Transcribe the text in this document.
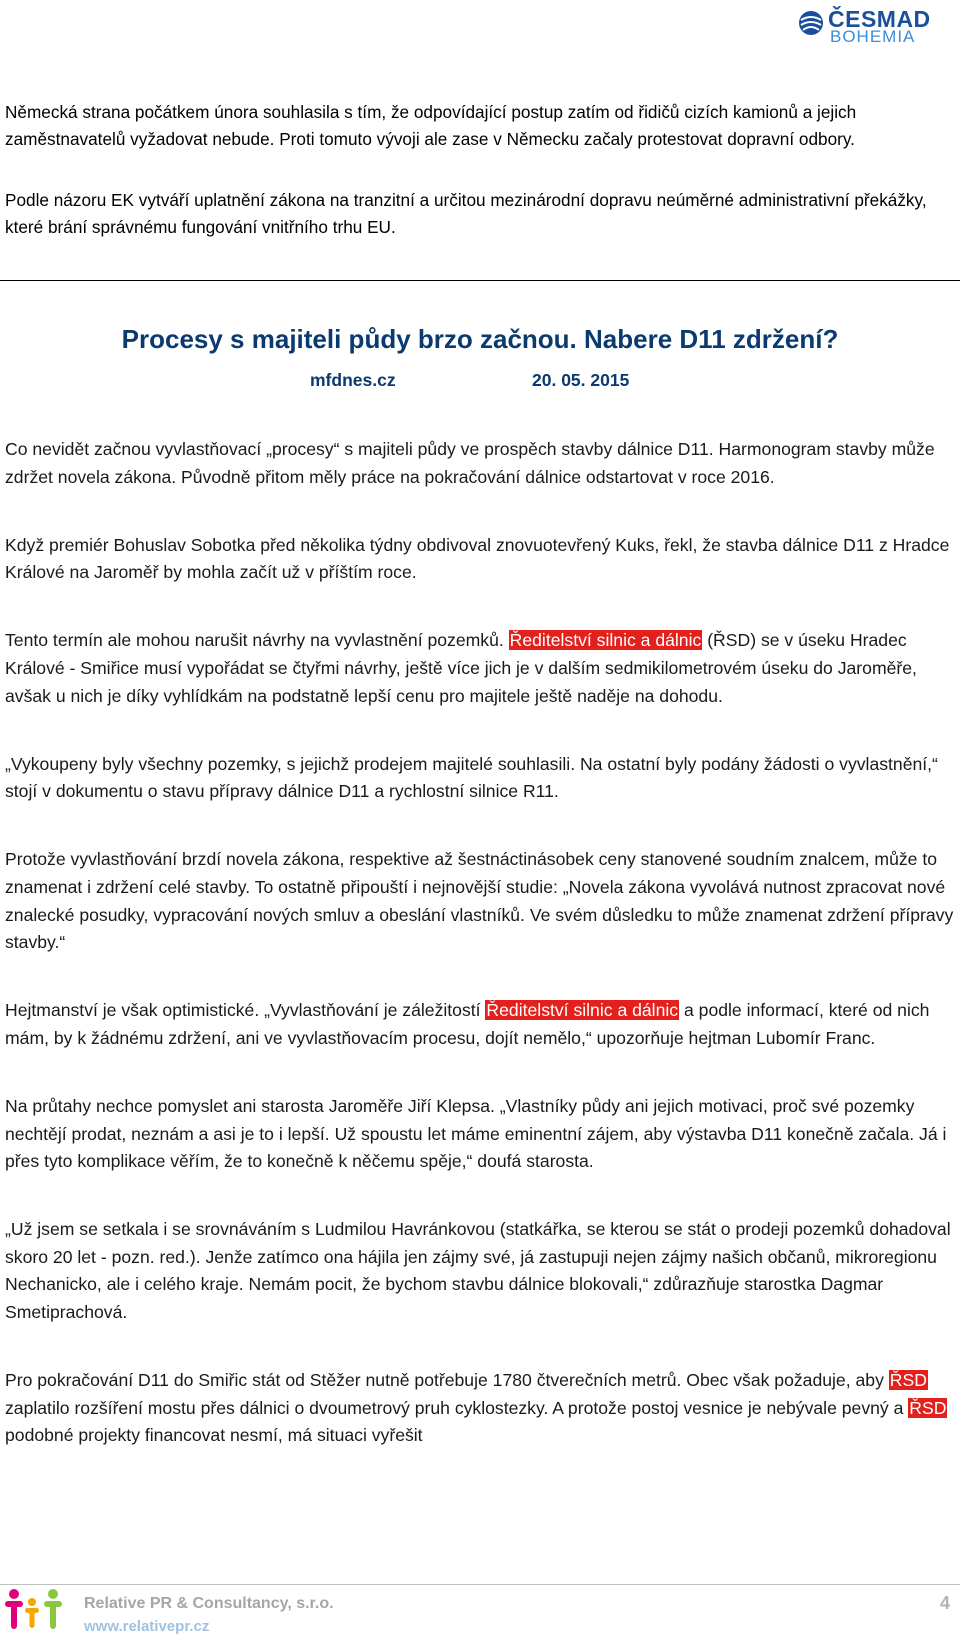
ČESMAD
BOHEMIA

Německá strana počátkem února souhlasila s tím, že odpovídající postup zatím od řidičů cizích kamionů a jejich zaměstnavatelů vyžadovat nebude. Proti tomuto vývoji ale zase v Německu začaly protestovat dopravní odbory.

Podle názoru EK vytváří uplatnění zákona na tranzitní a určitou mezinárodní dopravu neúměrné administrativní překážky, které brání správnému fungování vnitřního trhu EU.

Procesy s majiteli půdy brzo začnou. Nabere D11 zdržení?
mfdnes.cz	20. 05. 2015

Co nevidět začnou vyvlastňovací „procesy“ s majiteli půdy ve prospěch stavby dálnice D11. Harmonogram stavby může zdržet novela zákona. Původně přitom měly práce na pokračování dálnice odstartovat v roce 2016.

Když premiér Bohuslav Sobotka před několika týdny obdivoval znovuotevřený Kuks, řekl, že stavba dálnice D11 z Hradce Králové na Jaroměř by mohla začít už v příštím roce.

Tento termín ale mohou narušit návrhy na vyvlastnění pozemků. Ředitelství silnic a dálnic (ŘSD) se v úseku Hradec Králové - Smiřice musí vypořádat se čtyřmi návrhy, ještě více jich je v dalším sedmikilometrovém úseku do Jaroměře, avšak u nich je díky vyhlídkám na podstatně lepší cenu pro majitele ještě naděje na dohodu.

„Vykoupeny byly všechny pozemky, s jejichž prodejem majitelé souhlasili. Na ostatní byly podány žádosti o vyvlastnění,“ stojí v dokumentu o stavu přípravy dálnice D11 a rychlostní silnice R11.

Protože vyvlastňování brzdí novela zákona, respektive až šestnáctinásobek ceny stanovené soudním znalcem, může to znamenat i zdržení celé stavby. To ostatně připouští i nejnovější studie: „Novela zákona vyvolává nutnost zpracovat nové znalecké posudky, vypracování nových smluv a obeslání vlastníků. Ve svém důsledku to může znamenat zdržení přípravy stavby.“

Hejtmanství je však optimistické. „Vyvlastňování je záležitostí Ředitelství silnic a dálnic a podle informací, které od nich mám, by k žádnému zdržení, ani ve vyvlastňovacím procesu, dojít nemělo,“ upozorňuje hejtman Lubomír Franc.

Na průtahy nechce pomyslet ani starosta Jaroměře Jiří Klepsa. „Vlastníky půdy ani jejich motivaci, proč své pozemky nechtějí prodat, neznám a asi je to i lepší. Už spoustu let máme eminentní zájem, aby výstavba D11 konečně začala. Já i přes tyto komplikace věřím, že to konečně k něčemu spěje,“ doufá starosta.

„Už jsem se setkala i se srovnáváním s Ludmilou Havránkovou (statkářka, se kterou se stát o prodeji pozemků dohadoval skoro 20 let - pozn. red.). Jenže zatímco ona hájila jen zájmy své, já zastupuji nejen zájmy našich občanů, mikroregionu Nechanicko, ale i celého kraje. Nemám pocit, že bychom stavbu dálnice blokovali,“ zdůrazňuje starostka Dagmar Smetiprachová.

Pro pokračování D11 do Smiřic stát od Stěžer nutně potřebuje 1780 čtverečních metrů. Obec však požaduje, aby ŘSD zaplatilo rozšíření mostu přes dálnici o dvoumetrový pruh cyklostezky. A protože postoj vesnice je nebývale pevný a ŘSD podobné projekty financovat nesmí, má situaci vyřešit

Relative PR & Consultancy, s.r.o.
www.relativepr.cz
4
